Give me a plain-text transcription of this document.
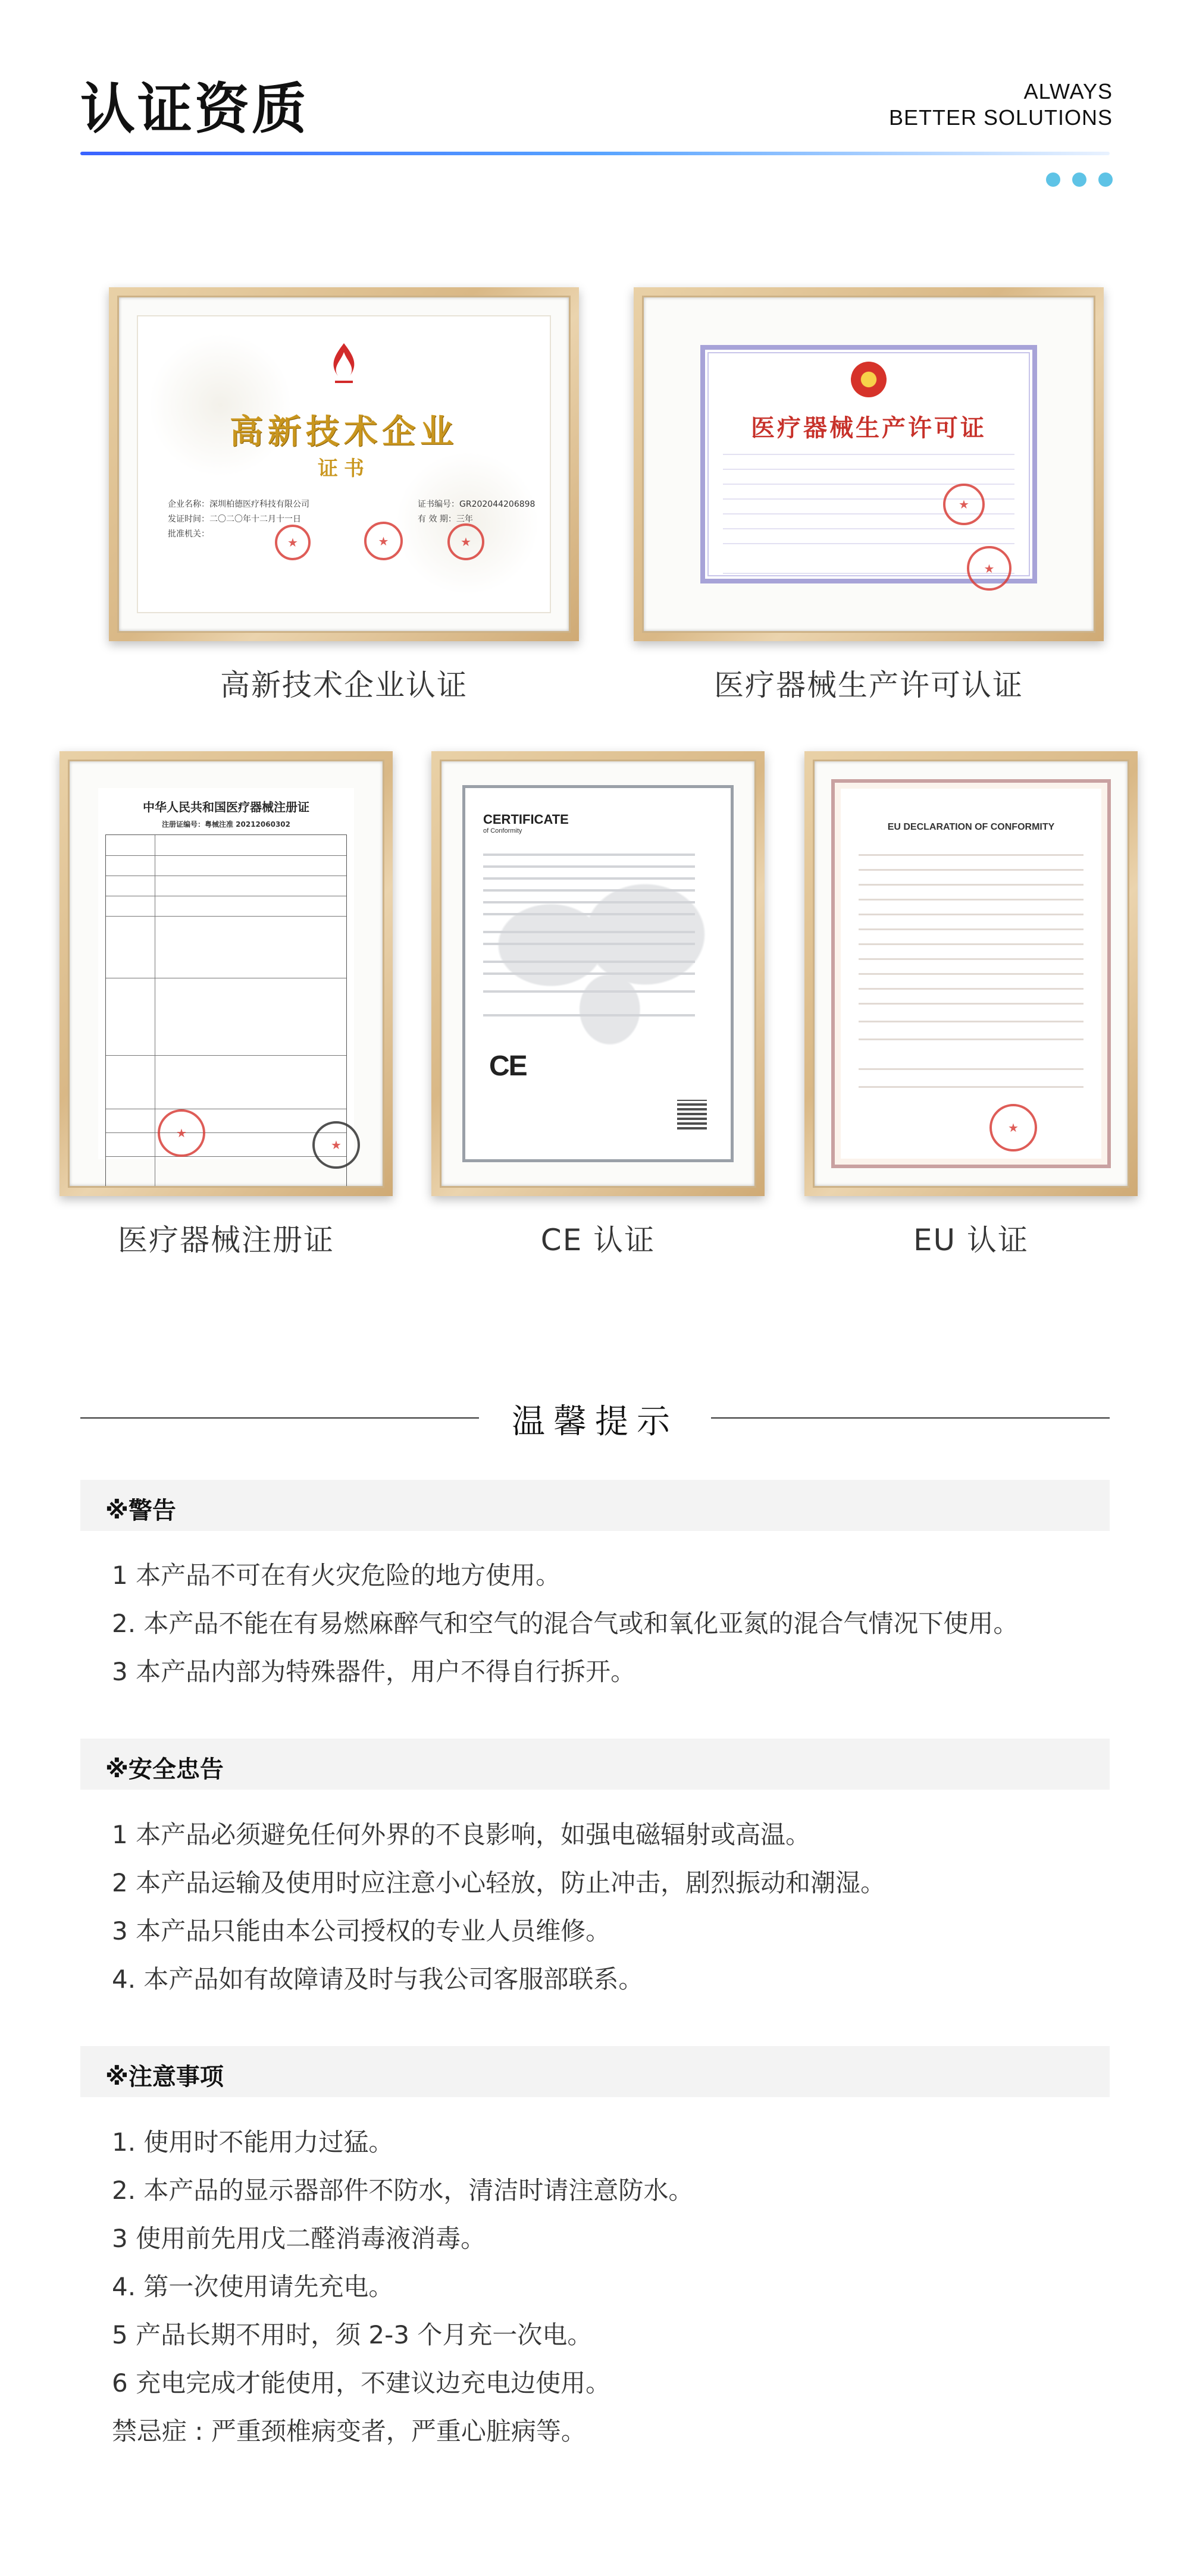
认证资质	ALWAYS
BETTER SOLUTIONS
高新技术企业
证书
企业名称：深圳柏德医疗科技有限公司
发证时间：二〇二〇年十二月十一日
批准机关：
证书编号：GR202044206898
有 效 期：三年
★
★
★
高新技术企业认证
医疗器械生产许可证
★
★
医疗器械生产许可认证
中华人民共和国医疗器械注册证
注册证编号：粤械注准 20212060302
★
★
医疗器械注册证
CERTIFICATE
of Conformity
CE
CE 认证
EU DECLARATION OF CONFORMITY
★
EU 认证
温馨提示
※警告
1 本产品不可在有火灾危险的地方使用。
2. 本产品不能在有易燃麻醉气和空气的混合气或和氧化亚氮的混合气情况下使用。
3 本产品内部为特殊器件，用户不得自行拆开。
※安全忠告
1 本产品必须避免任何外界的不良影响，如强电磁辐射或高温。
2 本产品运输及使用时应注意小心轻放，防止冲击，剧烈振动和潮湿。
3 本产品只能由本公司授权的专业人员维修。
4. 本产品如有故障请及时与我公司客服部联系。
※注意事项
1. 使用时不能用力过猛。
2. 本产品的显示器部件不防水，清洁时请注意防水。
3 使用前先用戊二醛消毒液消毒。
4. 第一次使用请先充电。
5 产品长期不用时，须 2-3 个月充一次电。
6 充电完成才能使用，不建议边充电边使用。
禁忌症 : 严重颈椎病变者，严重心脏病等。
